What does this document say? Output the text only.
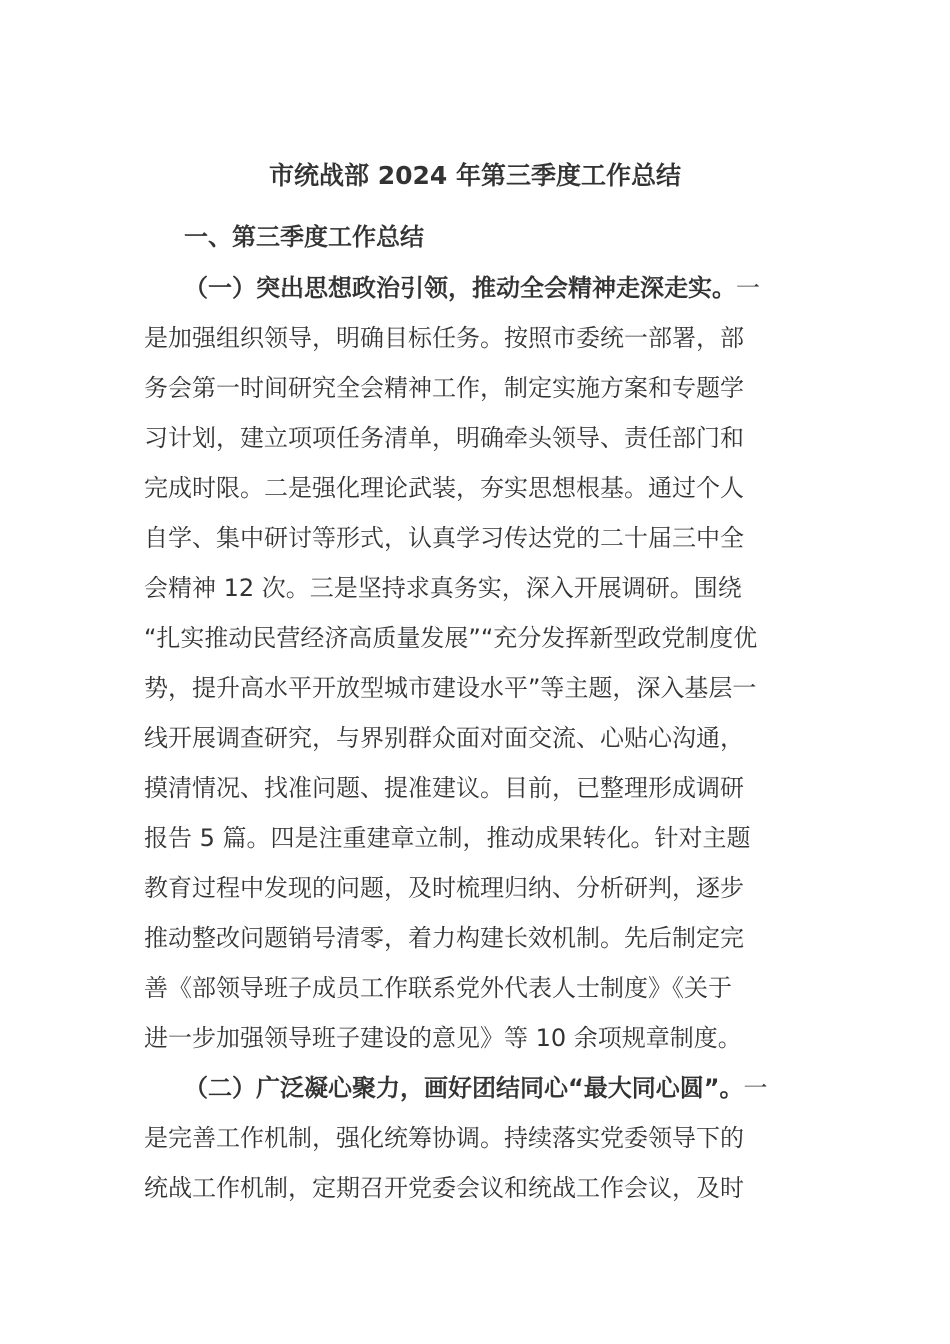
市统战部 2024 年第三季度工作总结
一、第三季度工作总结
（一）突出思想政治引领，推动全会精神走深走实。一
是加强组织领导，明确目标任务。按照市委统一部署，部
务会第一时间研究全会精神工作，制定实施方案和专题学
习计划，建立项项任务清单，明确牵头领导、责任部门和
完成时限。二是强化理论武装，夯实思想根基。通过个人
自学、集中研讨等形式，认真学习传达党的二十届三中全
会精神 12 次。三是坚持求真务实，深入开展调研。围绕
“扎实推动民营经济高质量发展”“充分发挥新型政党制度优
势，提升高水平开放型城市建设水平”等主题，深入基层一
线开展调查研究，与界别群众面对面交流、心贴心沟通，
摸清情况、找准问题、提准建议。目前，已整理形成调研
报告 5 篇。四是注重建章立制，推动成果转化。针对主题
教育过程中发现的问题，及时梳理归纳、分析研判，逐步
推动整改问题销号清零，着力构建长效机制。先后制定完
善《部领导班子成员工作联系党外代表人士制度》《关于
进一步加强领导班子建设的意见》等 10 余项规章制度。
（二）广泛凝心聚力，画好团结同心“最大同心圆”。一
是完善工作机制，强化统筹协调。持续落实党委领导下的
统战工作机制，定期召开党委会议和统战工作会议，及时
